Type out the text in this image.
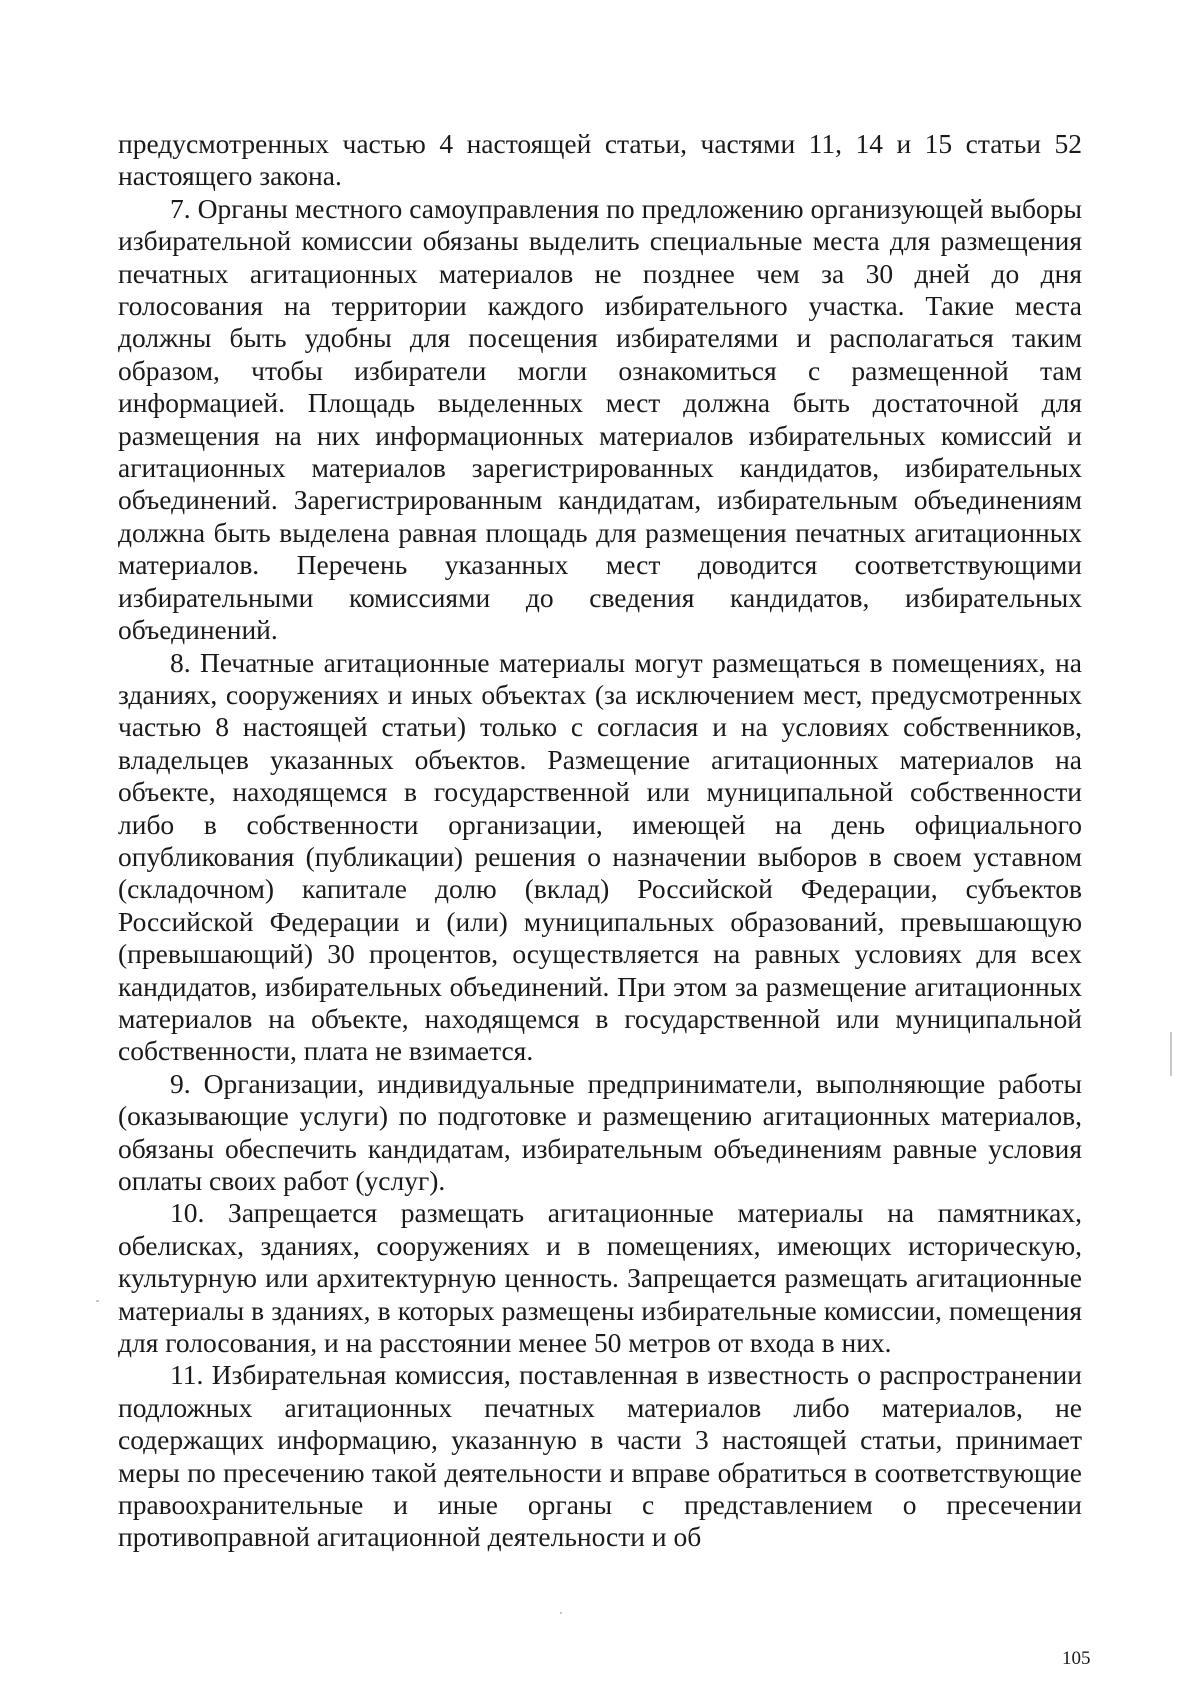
предусмотренных частью 4 настоящей статьи, частями 11, 14 и 15 статьи 52 настоящего закона.

7. Органы местного самоуправления по предложению организующей выборы избирательной комиссии обязаны выделить специальные места для размещения печатных агитационных материалов не позднее чем за 30 дней до дня голосования на территории каждого избирательного участка. Такие места должны быть удобны для посещения избирателями и располагаться таким образом, чтобы избиратели могли ознакомиться с размещенной там информацией. Площадь выделенных мест должна быть достаточной для размещения на них информационных материалов избирательных комиссий и агитационных материалов зарегистрированных кандидатов, избирательных объединений. Зарегистрированным кандидатам, избирательным объединениям должна быть выделена равная площадь для размещения печатных агитационных материалов. Перечень указанных мест доводится соответствующими избирательными комиссиями до сведения кандидатов, избирательных объединений.

8. Печатные агитационные материалы могут размещаться в помещениях, на зданиях, сооружениях и иных объектах (за исключением мест, предусмотренных частью 8 настоящей статьи) только с согласия и на условиях собственников, владельцев указанных объектов. Размещение агитационных материалов на объекте, находящемся в государственной или муниципальной собственности либо в собственности организации, имеющей на день официального опубликования (публикации) решения о назначении выборов в своем уставном (складочном) капитале долю (вклад) Российской Федерации, субъектов Российской Федерации и (или) муниципальных образований, превышающую (превышающий) 30 процентов, осуществляется на равных условиях для всех кандидатов, избирательных объединений. При этом за размещение агитационных материалов на объекте, находящемся в государственной или муниципальной собственности, плата не взимается.

9. Организации, индивидуальные предприниматели, выполняющие работы (оказывающие услуги) по подготовке и размещению агитационных материалов, обязаны обеспечить кандидатам, избирательным объединениям равные условия оплаты своих работ (услуг).

10. Запрещается размещать агитационные материалы на памятниках, обелисках, зданиях, сооружениях и в помещениях, имеющих историческую, культурную или архитектурную ценность. Запрещается размещать агитационные материалы в зданиях, в которых размещены избирательные комиссии, помещения для голосования, и на расстоянии менее 50 метров от входа в них.

11. Избирательная комиссия, поставленная в известность о распространении подложных агитационных печатных материалов либо материалов, не содержащих информацию, указанную в части 3 настоящей статьи, принимает меры по пресечению такой деятельности и вправе обратиться в соответствующие правоохранительные и иные органы с представлением о пресечении противоправной агитационной деятельности и об

105
